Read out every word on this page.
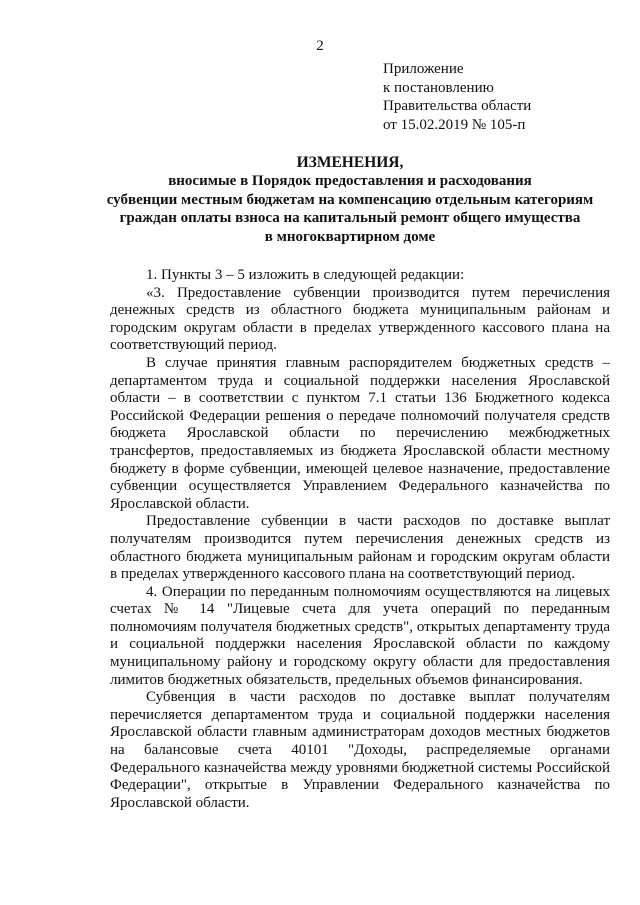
2
Приложение
к постановлению
Правительства области
от 15.02.2019 № 105-п
ИЗМЕНЕНИЯ,
вносимые в Порядок предоставления и расходования
субвенции местным бюджетам на компенсацию отдельным категориям
граждан оплаты взноса на капитальный ремонт общего имущества
в многоквартирном доме

1. Пункты 3 – 5 изложить в следующей редакции:

«3. Предоставление субвенции производится путем перечисления денежных средств из областного бюджета муниципальным районам и городским округам области в пределах утвержденного кассового плана на соответствующий период.

В случае принятия главным распорядителем бюджетных средств – департаментом труда и социальной поддержки населения Ярославской области – в соответствии с пунктом 7.1 статьи 136 Бюджетного кодекса Российской Федерации решения о передаче полномочий получателя средств бюджета Ярославской области по перечислению межбюджетных трансфертов, предоставляемых из бюджета Ярославской области местному бюджету в форме субвенции, имеющей целевое назначение, предоставление субвенции осуществляется Управлением Федерального казначейства по Ярославской области.

Предоставление субвенции в части расходов по доставке выплат получателям производится путем перечисления денежных средств из областного бюджета муниципальным районам и городским округам области в пределах утвержденного кассового плана на соответствующий период.

4. Операции по переданным полномочиям осуществляются на лицевых счетах № 14 "Лицевые счета для учета операций по переданным полномочиям получателя бюджетных средств", открытых департаменту труда и социальной поддержки населения Ярославской области по каждому муниципальному району и городскому округу области для предоставления лимитов бюджетных обязательств, предельных объемов финансирования.

Субвенция в части расходов по доставке выплат получателям перечисляется департаментом труда и социальной поддержки населения Ярославской области главным администраторам доходов местных бюджетов на балансовые счета 40101 "Доходы, распределяемые органами Федерального казначейства между уровнями бюджетной системы Российской Федерации", открытые в Управлении Федерального казначейства по Ярославской области.
